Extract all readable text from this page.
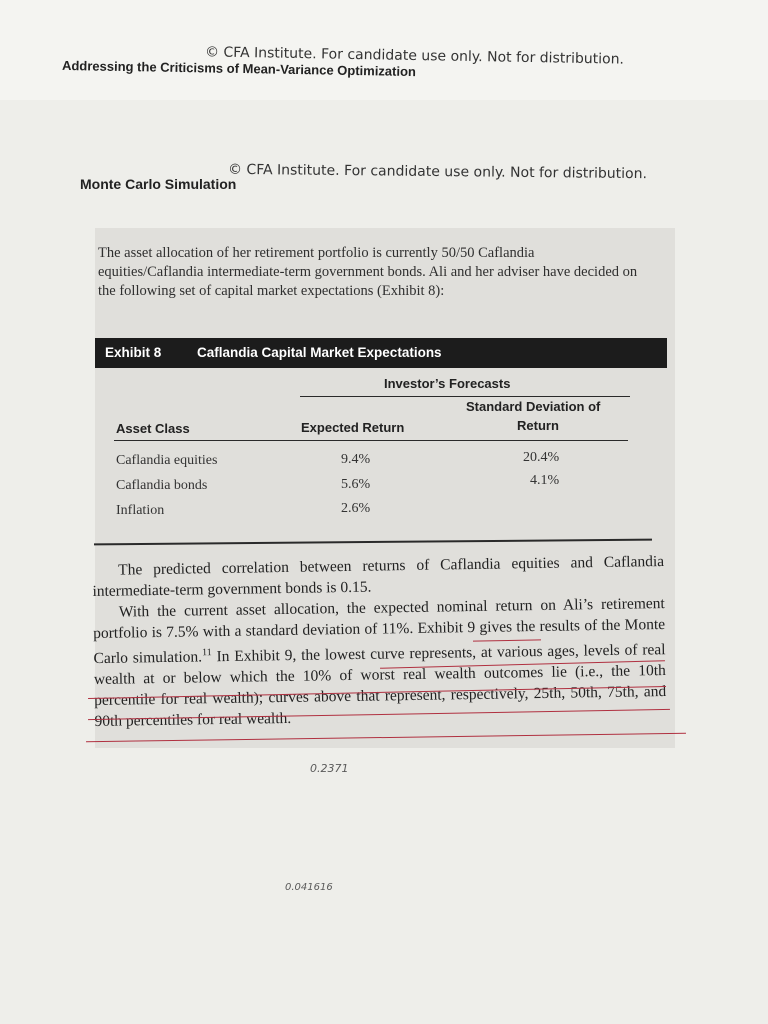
© CFA Institute. For candidate use only. Not for distribution.
Addressing the Criticisms of Mean-Variance Optimization
© CFA Institute. For candidate use only. Not for distribution.
Monte Carlo Simulation
The asset allocation of her retirement portfolio is currently 50/50 Caflandia equities/Caflandia intermediate-term government bonds. Ali and her adviser have decided on the following set of capital market expectations (Exhibit 8):
Exhibit 8	Caflandia Capital Market Expectations
Investor’s Forecasts
Standard Deviation of
Asset Class	Expected Return	Return
Caflandia equities	9.4%	20.4%
Caflandia bonds	5.6%	4.1%
Inflation	2.6%

The predicted correlation between returns of Caflandia equities and Caflandia intermediate-term government bonds is 0.15.

With the current asset allocation, the expected nominal return on Ali’s retirement portfolio is 7.5% with a standard deviation of 11%. Exhibit 9 gives the results of the Monte Carlo simulation.$^{11}$ In Exhibit 9, the lowest curve represents, at various ages, levels of real wealth at or below which the 10% of worst real wealth outcomes lie (i.e., the 10th percentile for real wealth); curves above that represent, respectively, 25th, 50th, 75th, and 90th percentiles for real wealth.

0.2371
0.041616
